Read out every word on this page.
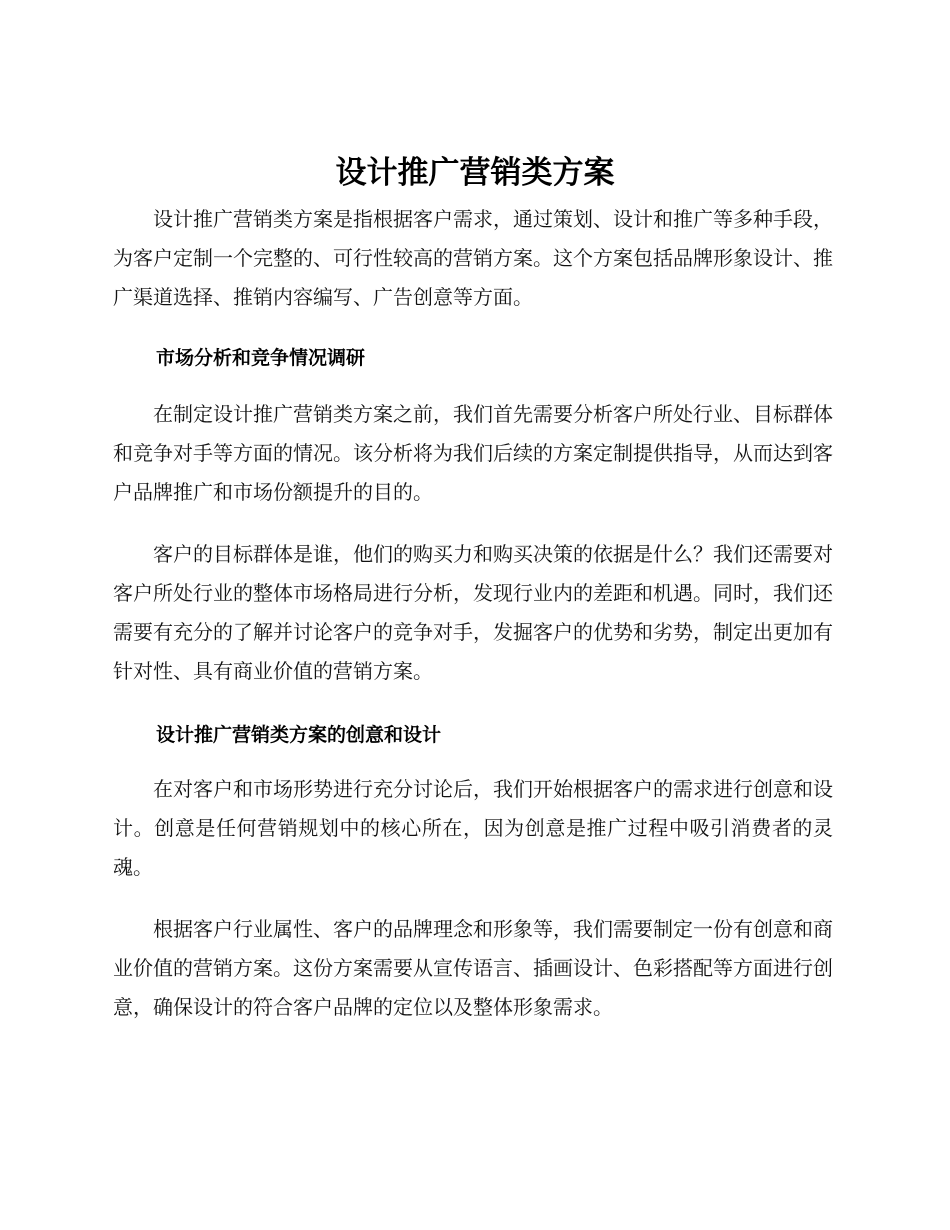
设计推广营销类方案

设计推广营销类方案是指根据客户需求，通过策划、设计和推广等多种手段，为客户定制一个完整的、可行性较高的营销方案。这个方案包括品牌形象设计、推广渠道选择、推销内容编写、广告创意等方面。

市场分析和竞争情况调研

在制定设计推广营销类方案之前，我们首先需要分析客户所处行业、目标群体和竞争对手等方面的情况。该分析将为我们后续的方案定制提供指导，从而达到客户品牌推广和市场份额提升的目的。

客户的目标群体是谁，他们的购买力和购买决策的依据是什么？我们还需要对客户所处行业的整体市场格局进行分析，发现行业内的差距和机遇。同时，我们还需要有充分的了解并讨论客户的竞争对手，发掘客户的优势和劣势，制定出更加有针对性、具有商业价值的营销方案。

设计推广营销类方案的创意和设计

在对客户和市场形势进行充分讨论后，我们开始根据客户的需求进行创意和设计。创意是任何营销规划中的核心所在，因为创意是推广过程中吸引消费者的灵魂。

根据客户行业属性、客户的品牌理念和形象等，我们需要制定一份有创意和商业价值的营销方案。这份方案需要从宣传语言、插画设计、色彩搭配等方面进行创意，确保设计的符合客户品牌的定位以及整体形象需求。
